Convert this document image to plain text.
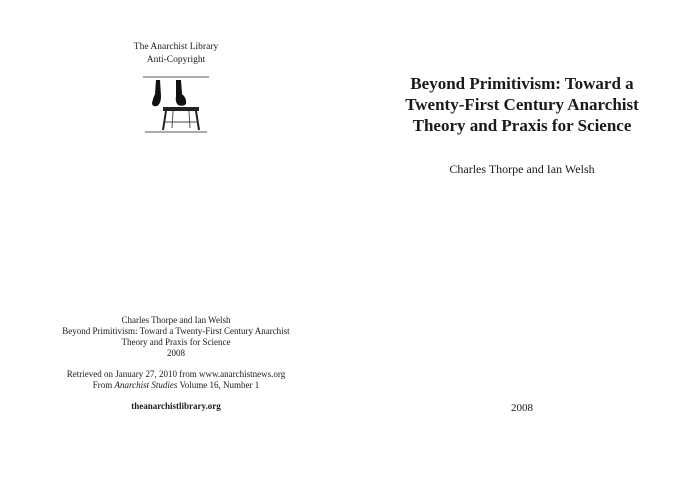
The Anarchist Library
Anti-Copyright
Charles Thorpe and Ian Welsh
Beyond Primitivism: Toward a Twenty-First Century Anarchist
Theory and Praxis for Science
2008
Retrieved on January 27, 2010 from www.anarchistnews.org
From Anarchist Studies Volume 16, Number 1
theanarchistlibrary.org
Beyond Primitivism: Toward a
Twenty-First Century Anarchist
Theory and Praxis for Science
Charles Thorpe and Ian Welsh
2008
